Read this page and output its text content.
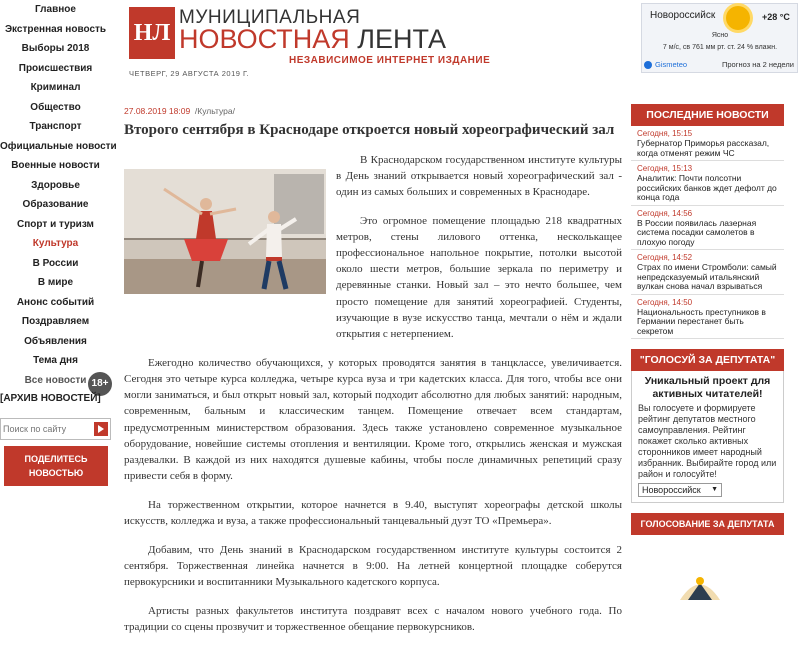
Главное
Экстренная новость
Выборы 2018
Происшествия
Криминал
Общество
Транспорт
Официальные новости
Военные новости
Здоровье
Образование
Спорт и туризм
Культура
В России
В мире
Анонс событий
Поздравляем
Объявления
Тема дня
Все новости 18+
[АРХИВ НОВОСТЕЙ]
Поиск по сайту
ПОДЕЛИТЕСЬ
НОВОСТЬЮ
НЛ
МУНИЦИПАЛЬНАЯ
НОВОСТНАЯ ЛЕНТА
НЕЗАВИСИМОЕ ИНТЕРНЕТ ИЗДАНИЕ
ЧЕТВЕРГ, 29 АВГУСТА 2019 Г.
Новороссийск	+28 °C
Ясно
7 м/с, св 761 мм рт. ст. 24 % влажн.
Gismeteo	Прогноз на 2 недели
27.08.2019 18:09 /Культура/
Второго сентября в Краснодаре откроется новый хореографический зал

В Краснодарском государственном институте культуры в День знаний открывается новый хореографический зал - один из самых больших и современных в Краснодаре.

Это огромное помещение площадью 218 квадратных метров, стены лилового оттенка, несколькащее профессиональное напольное покрытие, потолки высотой около шести метров, большие зеркала по периметру и деревянные станки. Новый зал – это нечто большее, чем просто помещение для занятий хореографией. Студенты, изучающие в вузе искусство танца, мечтали о нём и ждали открытия с нетерпением.

Ежегодно количество обучающихся, у которых проводятся занятия в танцклассе, увеличивается. Сегодня это четыре курса колледжа, четыре курса вуза и три кадетских класса. Для того, чтобы все они могли заниматься, и был открыт новый зал, который подходит абсолютно для любых занятий: народным, современным, бальным и классическим танцем. Помещение отвечает всем стандартам, предусмотренным министерством образования. Здесь также установлено современное музыкальное оборудование, новейшие системы отопления и вентиляции. Кроме того, открылись женская и мужская раздевалки. В каждой из них находятся душевые кабины, чтобы после динамичных репетиций сразу привести себя в форму.

На торжественном открытии, которое начнется в 9.40, выступят хореографы детской школы искусств, колледжа и вуза, а также профессиональный танцевальный дуэт ТО «Премьера».

Добавим, что День знаний в Краснодарском государственном институте культуры состоится 2 сентября. Торжественная линейка начнется в 9:00. На летней концертной площадке соберутся первокурсники и воспитанники Музыкального кадетского корпуса.

Артисты разных факультетов института поздравят всех с началом нового учебного года. По традиции со сцены прозвучит и торжественное обещание первокурсников.

ПОСЛЕДНИЕ НОВОСТИ
Сегодня, 15:15
Губернатор Приморья рассказал, когда отменят режим ЧС
Сегодня, 15:13
Аналитик: Почти полсотни российских банков ждет дефолт до конца года
Сегодня, 14:56
В России появилась лазерная система посадки самолетов в плохую погоду
Сегодня, 14:52
Страх по имени Стромболи: самый непредсказуемый итальянский вулкан снова начал взрываться
Сегодня, 14:50
Национальность преступников в Германии перестанет быть секретом
"ГОЛОСУЙ ЗА ДЕПУТАТА"
Уникальный проект для активных читателей!
Вы голосуете и формируете рейтинг депутатов местного самоуправления. Рейтинг покажет сколько активных сторонников имеет народный избранник. Выбирайте город или район и голосуйте!
Новороссийск ▼
ГОЛОСОВАНИЕ ЗА ДЕПУТАТА
